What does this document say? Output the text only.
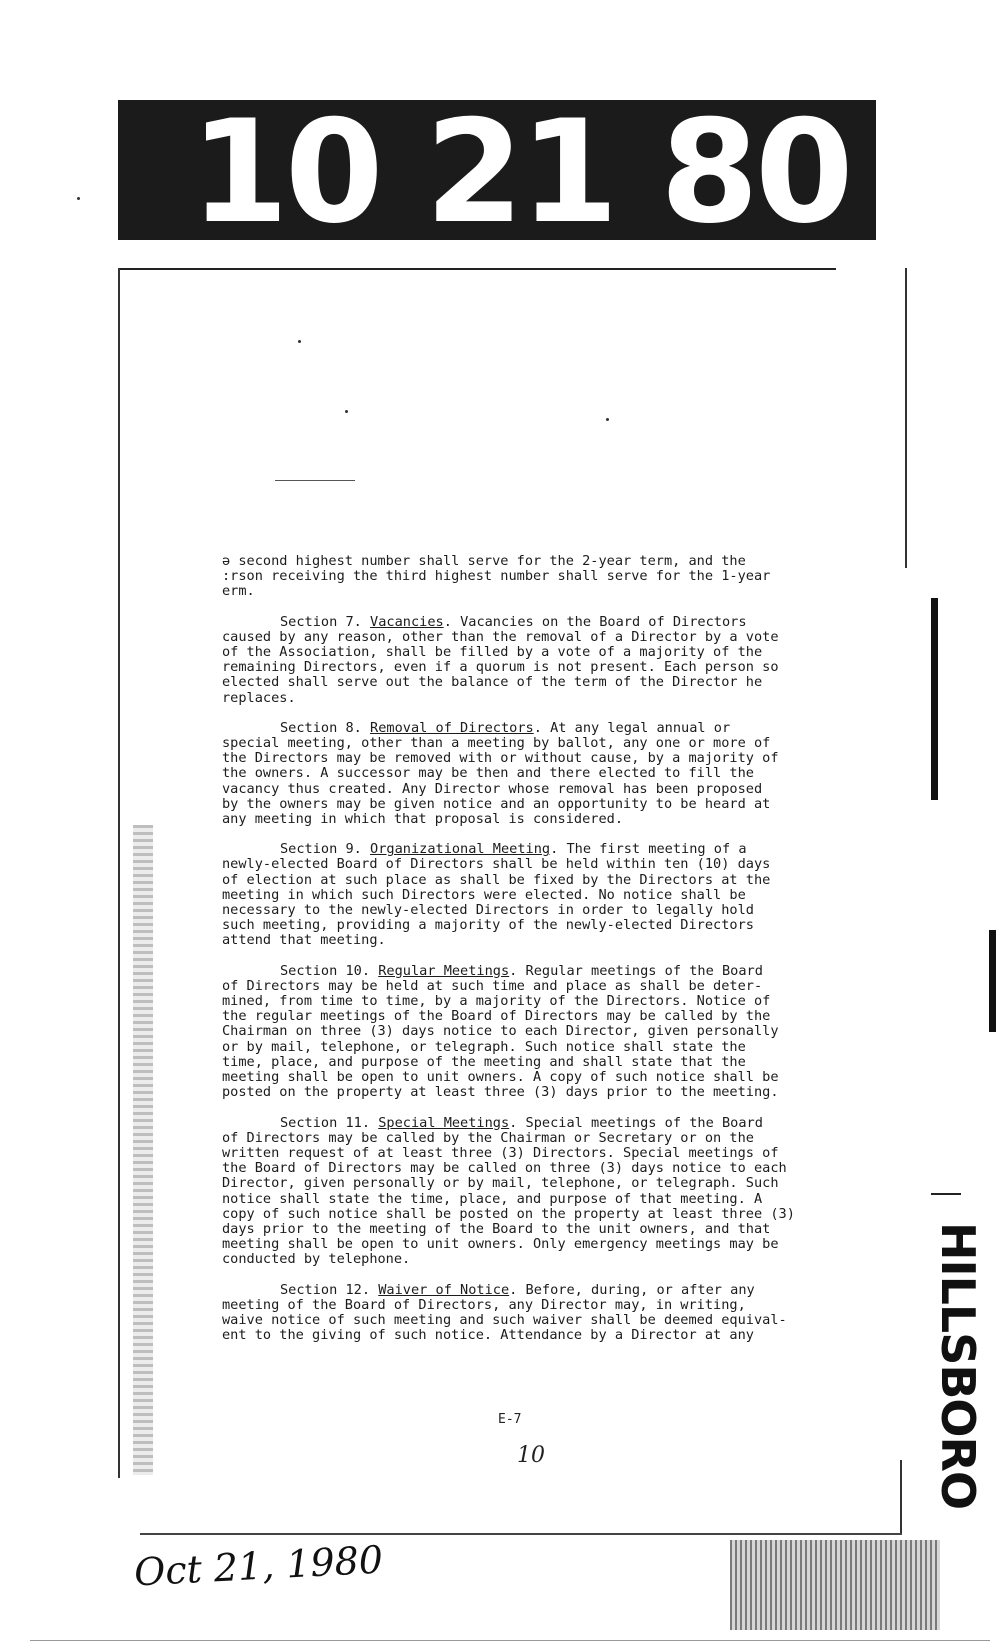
10 21 80
HILLSBORO

ə second highest number shall serve for the 2-year term, and the
:rson receiving the third highest number shall serve for the 1-year
erm.

Section 7. Vacancies. Vacancies on the Board of Directors
caused by any reason, other than the removal of a Director by a vote
of the Association, shall be filled by a vote of a majority of the
remaining Directors, even if a quorum is not present. Each person so
elected shall serve out the balance of the term of the Director he
replaces.

Section 8. Removal of Directors. At any legal annual or
special meeting, other than a meeting by ballot, any one or more of
the Directors may be removed with or without cause, by a majority of
the owners. A successor may be then and there elected to fill the
vacancy thus created. Any Director whose removal has been proposed
by the owners may be given notice and an opportunity to be heard at
any meeting in which that proposal is considered.

Section 9. Organizational Meeting. The first meeting of a
newly-elected Board of Directors shall be held within ten (10) days
of election at such place as shall be fixed by the Directors at the
meeting in which such Directors were elected. No notice shall be
necessary to the newly-elected Directors in order to legally hold
such meeting, providing a majority of the newly-elected Directors
attend that meeting.

Section 10. Regular Meetings. Regular meetings of the Board
of Directors may be held at such time and place as shall be deter-
mined, from time to time, by a majority of the Directors. Notice of
the regular meetings of the Board of Directors may be called by the
Chairman on three (3) days notice to each Director, given personally
or by mail, telephone, or telegraph. Such notice shall state the
time, place, and purpose of the meeting and shall state that the
meeting shall be open to unit owners. A copy of such notice shall be
posted on the property at least three (3) days prior to the meeting.

Section 11. Special Meetings. Special meetings of the Board
of Directors may be called by the Chairman or Secretary or on the
written request of at least three (3) Directors. Special meetings of
the Board of Directors may be called on three (3) days notice to each
Director, given personally or by mail, telephone, or telegraph. Such
notice shall state the time, place, and purpose of that meeting. A
copy of such notice shall be posted on the property at least three (3)
days prior to the meeting of the Board to the unit owners, and that
meeting shall be open to unit owners. Only emergency meetings may be
conducted by telephone.

Section 12. Waiver of Notice. Before, during, or after any
meeting of the Board of Directors, any Director may, in writing,
waive notice of such meeting and such waiver shall be deemed equival-
ent to the giving of such notice. Attendance by a Director at any

E-7
10
Oct 21, 1980
